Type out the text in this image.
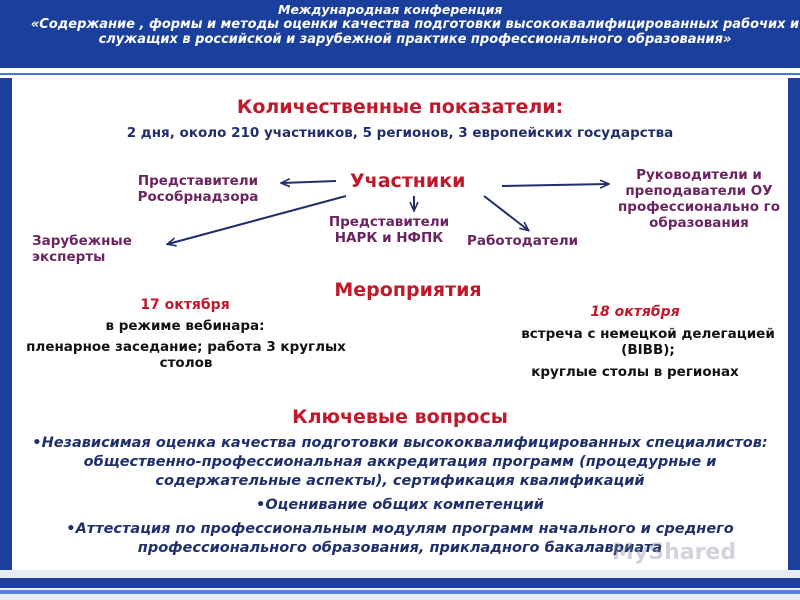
Международная конференция
«Содержание , формы и методы оценки качества подготовки высококвалифицированных рабочих и служащих в российской и зарубежной практике профессионального образования»
Количественные показатели:
2 дня, около 210 участников, 5 регионов, 3 европейских государства
Участники
Представители Рособрнадзора
Зарубежные эксперты
Представители НАРК и НФПК	Работодатели
Руководители и преподаватели ОУ профессионально го образования
Мероприятия
17 октября
в режиме вебинара:
пленарное заседание; работа 3 круглых столов
18 октября
встреча с немецкой делегацией (BIBB);
круглые столы в регионах
Ключевые вопросы
•Независимая оценка качества подготовки высококвалифицированных специалистов: общественно-профессиональная аккредитация программ (процедурные и содержательные аспекты), сертификация квалификаций
•Оценивание общих компетенций
•Аттестация по профессиональным модулям программ начального и среднего профессионального образования, прикладного бакалавриата
MyShared
